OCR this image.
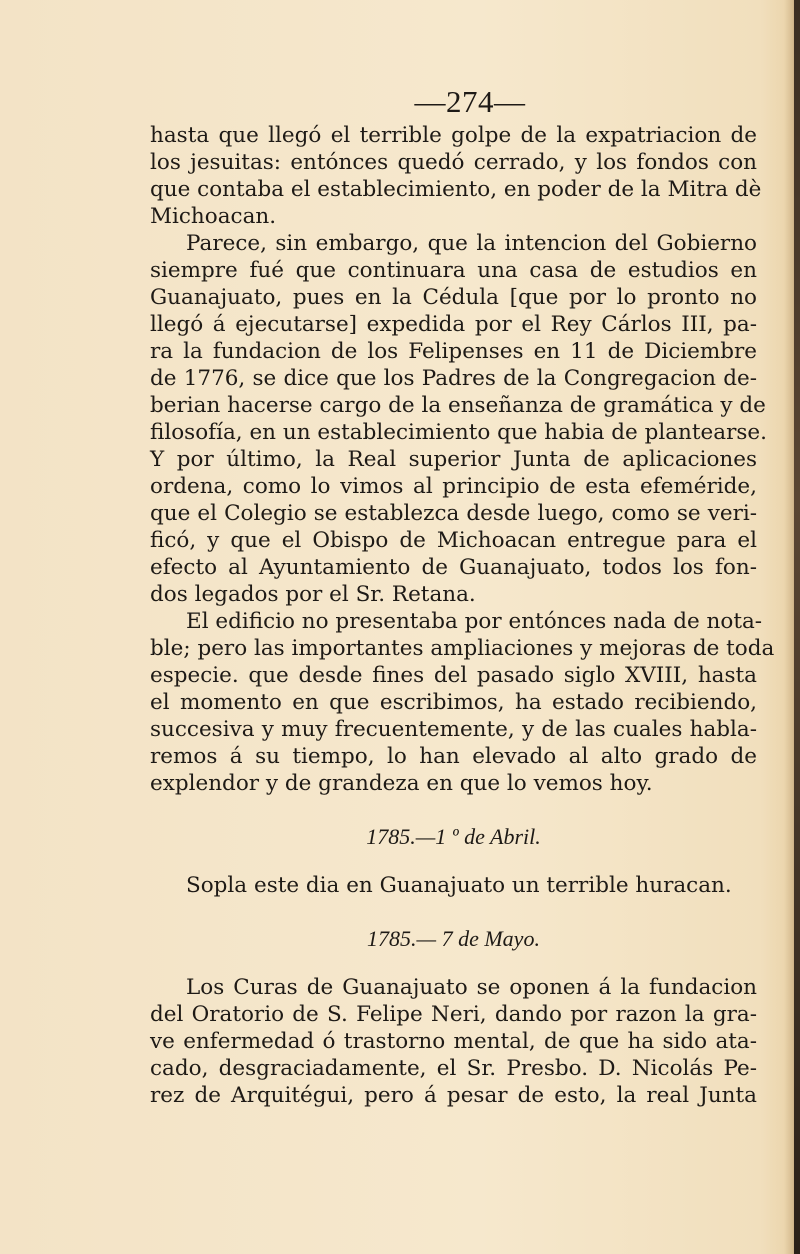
—274—
hasta que llegó el terrible golpe de la expatriacion de
los jesuitas: entónces quedó cerrado, y los fondos con
que contaba el establecimiento, en poder de la Mitra dè
Michoacan.
Parece, sin embargo, que la intencion del Gobierno
siempre fué que continuara una casa de estudios en
Guanajuato, pues en la Cédula [que por lo pronto no
llegó á ejecutarse] expedida por el Rey Cárlos III, pa-
ra la fundacion de los Felipenses en 11 de Diciembre
de 1776, se dice que los Padres de la Congregacion de-
berian hacerse cargo de la enseñanza de gramática y de
filosofía, en un establecimiento que habia de plantearse.
Y por último, la Real superior Junta de aplicaciones
ordena, como lo vimos al principio de esta efeméride,
que el Colegio se establezca desde luego, como se veri-
ficó, y que el Obispo de Michoacan entregue para el
efecto al Ayuntamiento de Guanajuato, todos los fon-
dos legados por el Sr. Retana.
El edificio no presentaba por entónces nada de nota-
ble; pero las importantes ampliaciones y mejoras de toda
especie. que desde fines del pasado siglo XVIII, hasta
el momento en que escribimos, ha estado recibiendo,
succesiva y muy frecuentemente, y de las cuales habla-
remos á su tiempo, lo han elevado al alto grado de
explendor y de grandeza en que lo vemos hoy.
1785.—1 º de Abril.
Sopla este dia en Guanajuato un terrible huracan.
1785.— 7 de Mayo.
Los Curas de Guanajuato se oponen á la fundacion
del Oratorio de S. Felipe Neri, dando por razon la gra-
ve enfermedad ó trastorno mental, de que ha sido ata-
cado, desgraciadamente, el Sr. Presbo. D. Nicolás Pe-
rez de Arquitégui, pero á pesar de esto, la real Junta
